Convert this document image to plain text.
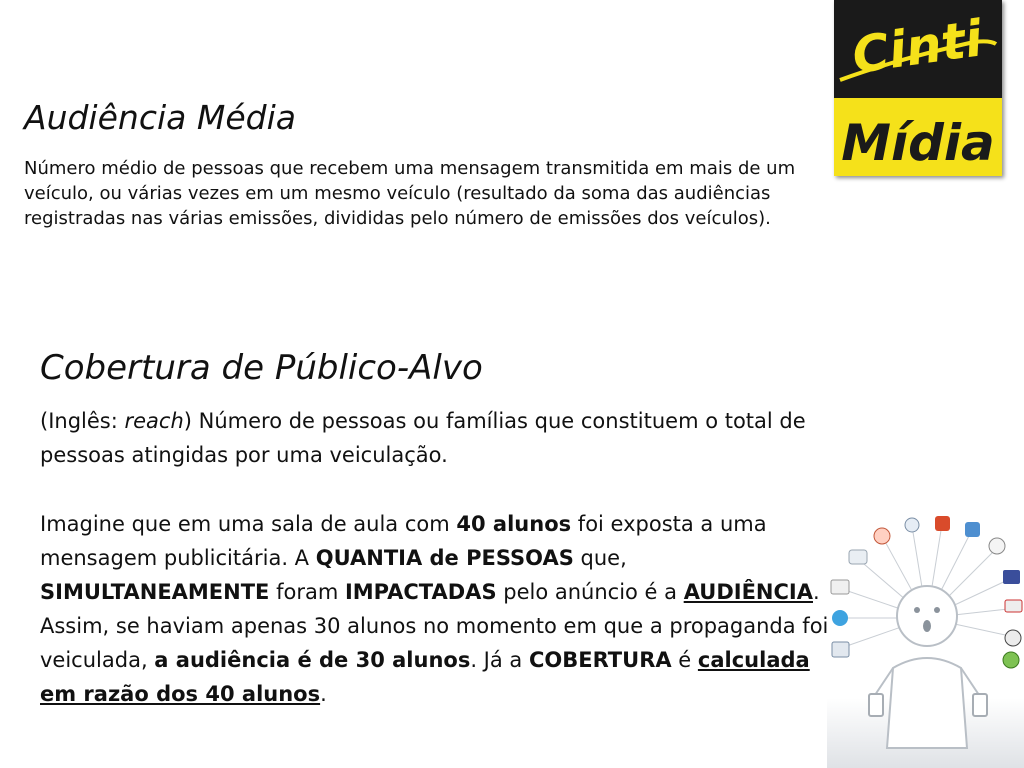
Cinti
Mídia
Audiência Média

Número médio de pessoas que recebem uma mensagem transmitida em mais de um veículo, ou várias vezes em um mesmo veículo (resultado da soma das audiências registradas nas várias emissões, divididas pelo número de emissões dos veículos).

Cobertura de Público-Alvo

(Inglês: reach) Número de pessoas ou famílias que constituem o total de pessoas atingidas por uma veiculação.

Imagine que em uma sala de aula com 40 alunos foi exposta a uma mensagem publicitária. A QUANTIA de PESSOAS que, SIMULTANEAMENTE foram IMPACTADAS pelo anúncio é a AUDIÊNCIA. Assim, se haviam apenas 30 alunos no momento em que a propaganda foi veiculada, a audiência é de 30 alunos. Já a COBERTURA é calculada em razão dos 40 alunos.
